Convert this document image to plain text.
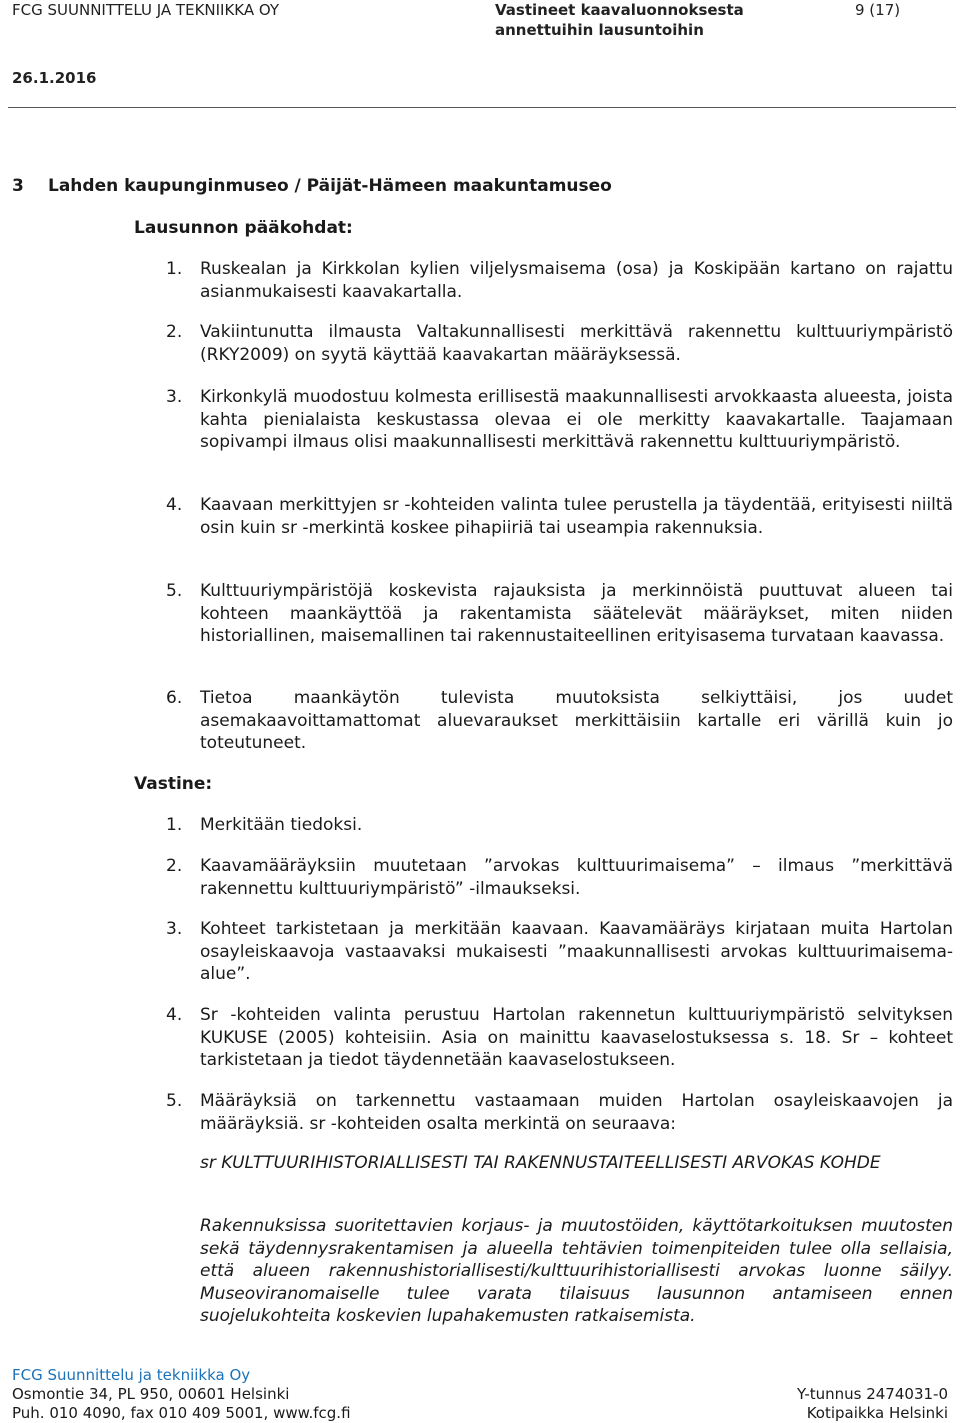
FCG SUUNNITTELU JA TEKNIIKKA OY	Vastineet kaavaluonnoksesta annettuihin lausuntoihin
9 (17)
26.1.2016
3 Lahden kaupunginmuseo / Päijät-Hämeen maakuntamuseo
Lausunnon pääkohdat:
1.	Ruskealan ja Kirkkolan kylien viljelysmaisema (osa) ja Koskipään kartano on rajattu asianmukaisesti kaavakartalla.
2.	Vakiintunutta ilmausta Valtakunnallisesti merkittävä rakennettu kulttuuriympäristö (RKY2009) on syytä käyttää kaavakartan määräyksessä.
3.	Kirkonkylä muodostuu kolmesta erillisestä maakunnallisesti arvokkaasta alueesta, joista kahta pienialaista keskustassa olevaa ei ole merkitty kaavakartalle. Taajamaan sopivampi ilmaus olisi maakunnallisesti merkittävä rakennettu kulttuuriympäristö.
4.	Kaavaan merkittyjen sr -kohteiden valinta tulee perustella ja täydentää, erityisesti niiltä osin kuin sr -merkintä koskee pihapiiriä tai useampia rakennuksia.
5.	Kulttuuriympäristöjä koskevista rajauksista ja merkinnöistä puuttuvat alueen tai kohteen maankäyttöä ja rakentamista säätelevät määräykset, miten niiden historiallinen, maisemallinen tai rakennustaiteellinen erityisasema turvataan kaavassa.
6.	Tietoa maankäytön tulevista muutoksista selkiyttäisi, jos uudet asemakaavoittamattomat aluevaraukset merkittäisiin kartalle eri värillä kuin jo toteutuneet.
Vastine:
1.	Merkitään tiedoksi.
2.	Kaavamääräyksiin muutetaan ”arvokas kulttuurimaisema” – ilmaus ”merkittävä rakennettu kulttuuriympäristö” -ilmaukseksi.
3.	Kohteet tarkistetaan ja merkitään kaavaan. Kaavamääräys kirjataan muita Hartolan osayleiskaavoja vastaavaksi mukaisesti ”maakunnallisesti arvokas kulttuurimaisema-alue”.
4.	Sr -kohteiden valinta perustuu Hartolan rakennetun kulttuuriympäristö selvityksen KUKUSE (2005) kohteisiin. Asia on mainittu kaavaselostuksessa s. 18. Sr – kohteet tarkistetaan ja tiedot täydennetään kaavaselostukseen.
5.	Määräyksiä on tarkennettu vastaamaan muiden Hartolan osayleiskaavojen ja määräyksiä. sr -kohteiden osalta merkintä on seuraava:
sr KULTTUURIHISTORIALLISESTI TAI RAKENNUSTAITEELLISESTI ARVOKAS KOHDE
Rakennuksissa suoritettavien korjaus- ja muutostöiden, käyttötarkoituksen muutosten sekä täydennysrakentamisen ja alueella tehtävien toimenpiteiden tulee olla sellaisia, että alueen rakennushistoriallisesti/kulttuurihistoriallisesti arvokas luonne säilyy. Museoviranomaiselle tulee varata tilaisuus lausunnon antamiseen ennen suojelukohteita koskevien lupahakemusten ratkaisemista.
FCG Suunnittelu ja tekniikka Oy
Osmontie 34, PL 950, 00601 Helsinki	Y-tunnus 2474031-0
Puh. 010 4090, fax 010 409 5001, www.fcg.fi	Kotipaikka Helsinki
